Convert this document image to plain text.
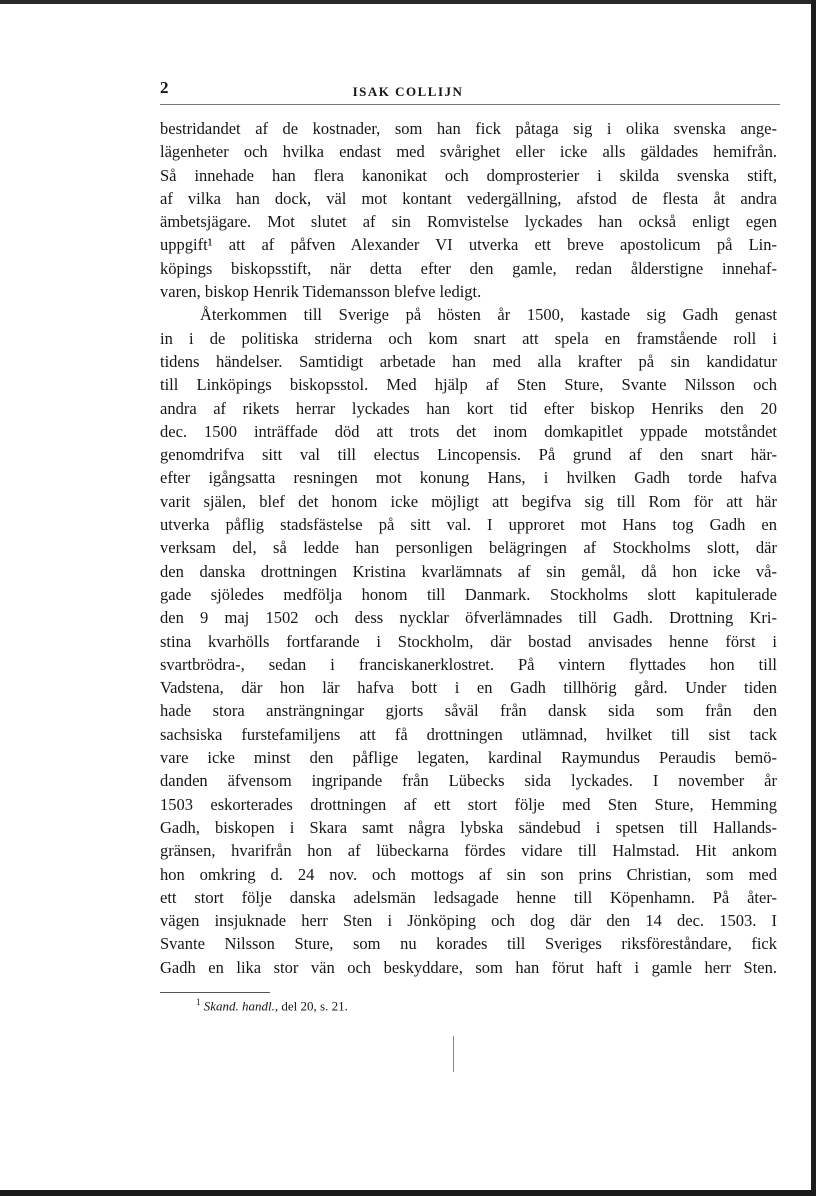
2	ISAK COLLIJN
bestridandet af de kostnader, som han fick påtaga sig i olika svenska ange-
lägenheter och hvilka endast med svårighet eller icke alls gäldades hemifrån.
Så innehade han flera kanonikat och domprosterier i skilda svenska stift,
af vilka han dock, väl mot kontant vedergällning, afstod de flesta åt andra
ämbetsjägare. Mot slutet af sin Romvistelse lyckades han också enligt egen
uppgift¹ att af påfven Alexander VI utverka ett breve apostolicum på Lin-
köpings biskopsstift, när detta efter den gamle, redan ålderstigne innehaf-
varen, biskop Henrik Tidemansson blefve ledigt.
Återkommen till Sverige på hösten år 1500, kastade sig Gadh genast
in i de politiska striderna och kom snart att spela en framstående roll i
tidens händelser. Samtidigt arbetade han med alla krafter på sin kandidatur
till Linköpings biskopsstol. Med hjälp af Sten Sture, Svante Nilsson och
andra af rikets herrar lyckades han kort tid efter biskop Henriks den 20
dec. 1500 inträffade död att trots det inom domkapitlet yppade motståndet
genomdrifva sitt val till electus Lincopensis. På grund af den snart här-
efter igångsatta resningen mot konung Hans, i hvilken Gadh torde hafva
varit själen, blef det honom icke möjligt att begifva sig till Rom för att här
utverka påflig stadsfästelse på sitt val. I upproret mot Hans tog Gadh en
verksam del, så ledde han personligen belägringen af Stockholms slott, där
den danska drottningen Kristina kvarlämnats af sin gemål, då hon icke vå-
gade sjöledes medfölja honom till Danmark. Stockholms slott kapitulerade
den 9 maj 1502 och dess nycklar öfverlämnades till Gadh. Drottning Kri-
stina kvarhölls fortfarande i Stockholm, där bostad anvisades henne först i
svartbrödra-, sedan i franciskanerklostret. På vintern flyttades hon till
Vadstena, där hon lär hafva bott i en Gadh tillhörig gård. Under tiden
hade stora ansträngningar gjorts såväl från dansk sida som från den
sachsiska furstefamiljens att få drottningen utlämnad, hvilket till sist tack
vare icke minst den påflige legaten, kardinal Raymundus Peraudis bemö-
danden äfvensom ingripande från Lübecks sida lyckades. I november år
1503 eskorterades drottningen af ett stort följe med Sten Sture, Hemming
Gadh, biskopen i Skara samt några lybska sändebud i spetsen till Hallands-
gränsen, hvarifrån hon af lübeckarna fördes vidare till Halmstad. Hit ankom
hon omkring d. 24 nov. och mottogs af sin son prins Christian, som med
ett stort följe danska adelsmän ledsagade henne till Köpenhamn. På åter-
vägen insjuknade herr Sten i Jönköping och dog där den 14 dec. 1503. I
Svante Nilsson Sture, som nu korades till Sveriges riksföreståndare, fick
Gadh en lika stor vän och beskyddare, som han förut haft i gamle herr Sten.
$^1$ Skand. handl., del 20, s. 21.
